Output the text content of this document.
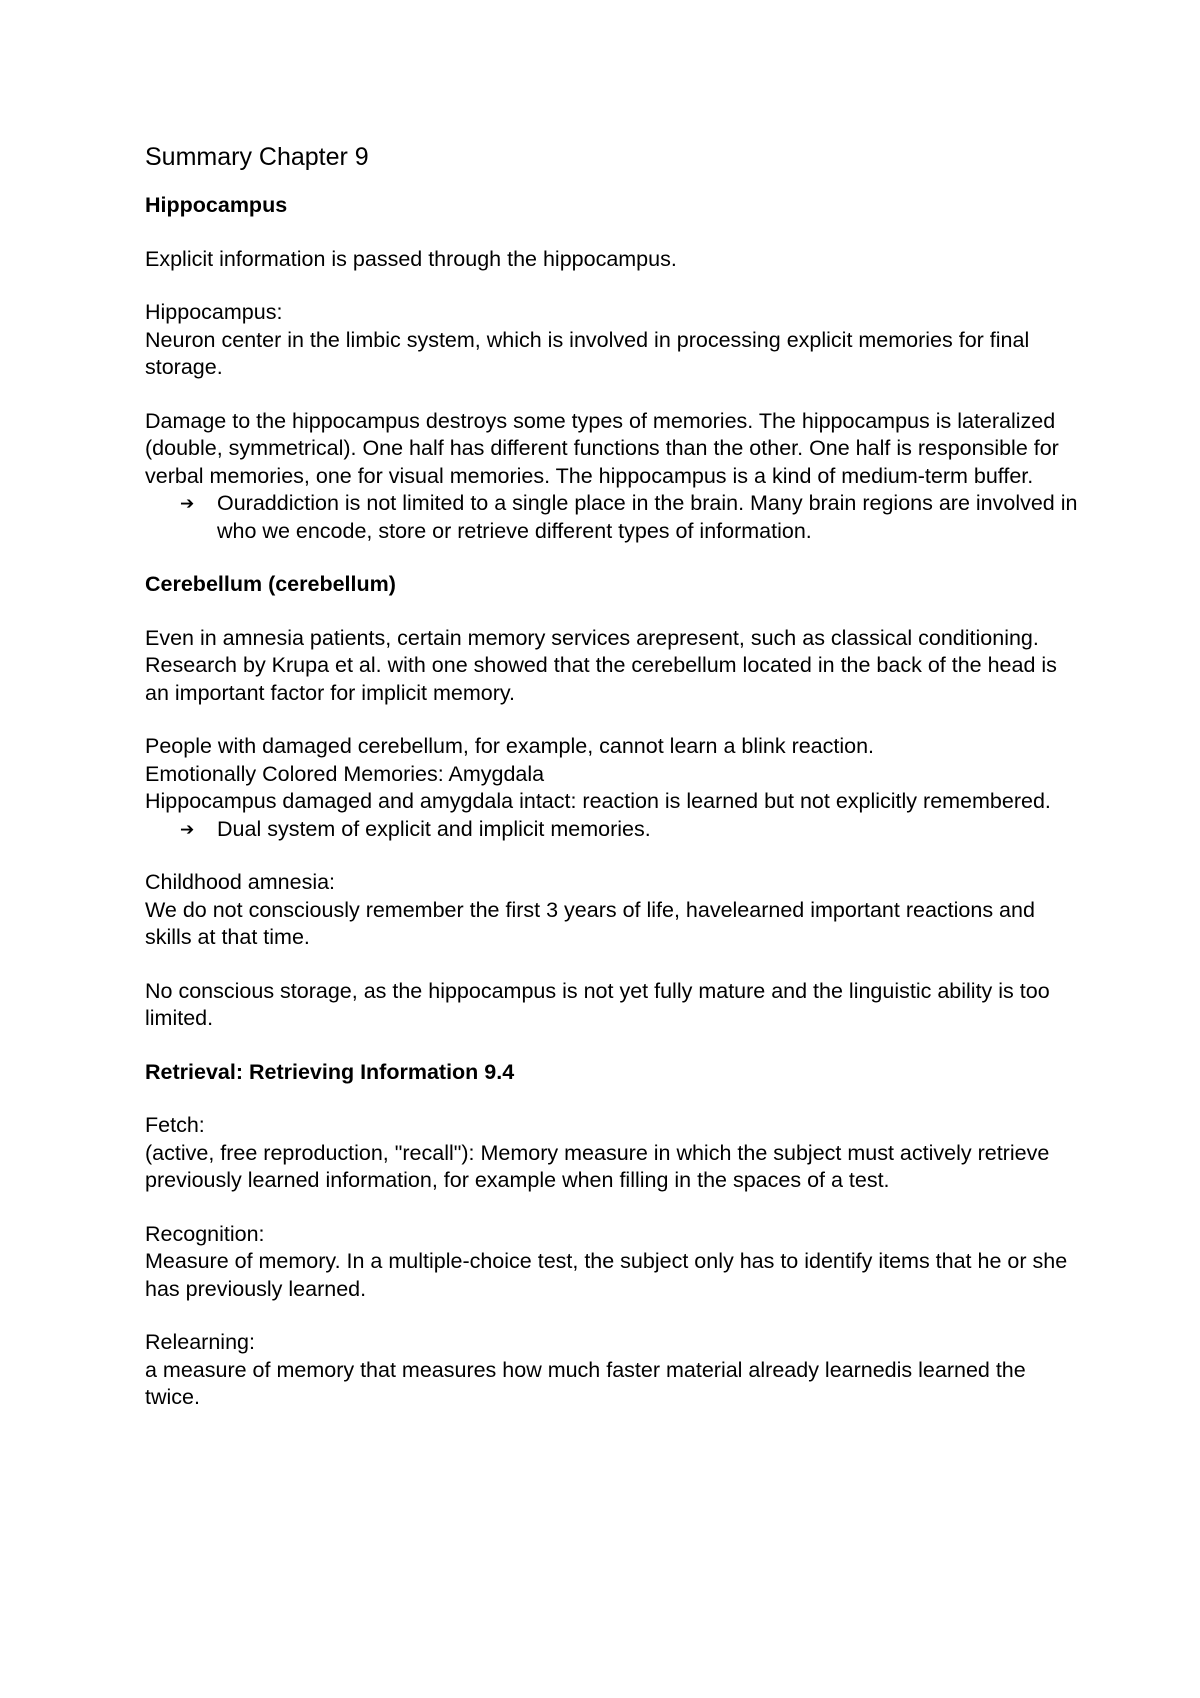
Summary Chapter 9
Hippocampus

Explicit information is passed through the hippocampus.

Hippocampus:
Neuron center in the limbic system, which is involved in processing explicit memories for final storage.

Damage to the hippocampus destroys some types of memories. The hippocampus is lateralized (double, symmetrical). One half has different functions than the other. One half is responsible for verbal memories, one for visual memories. The hippocampus is a kind of medium-term buffer.

➔ Ouraddiction is not limited to a single place in the brain. Many brain regions are involved in who we encode, store or retrieve different types of information.
Cerebellum (cerebellum)

Even in amnesia patients, certain memory services arepresent, such as classical conditioning.
Research by Krupa et al. with one showed that the cerebellum located in the back of the head is an important factor for implicit memory.

People with damaged cerebellum, for example, cannot learn a blink reaction.
Emotionally Colored Memories: Amygdala
Hippocampus damaged and amygdala intact: reaction is learned but not explicitly remembered.

➔ Dual system of explicit and implicit memories.

Childhood amnesia:
We do not consciously remember the first 3 years of life, havelearned important reactions and skills at that time.

No conscious storage, as the hippocampus is not yet fully mature and the linguistic ability is too limited.

Retrieval: Retrieving Information 9.4

Fetch:
(active, free reproduction, "recall"): Memory measure in which the subject must actively retrieve previously learned information, for example when filling in the spaces of a test.

Recognition:
Measure of memory. In a multiple-choice test, the subject only has to identify items that he or she has previously learned.

Relearning:
a measure of memory that measures how much faster material already learnedis learned the twice.
